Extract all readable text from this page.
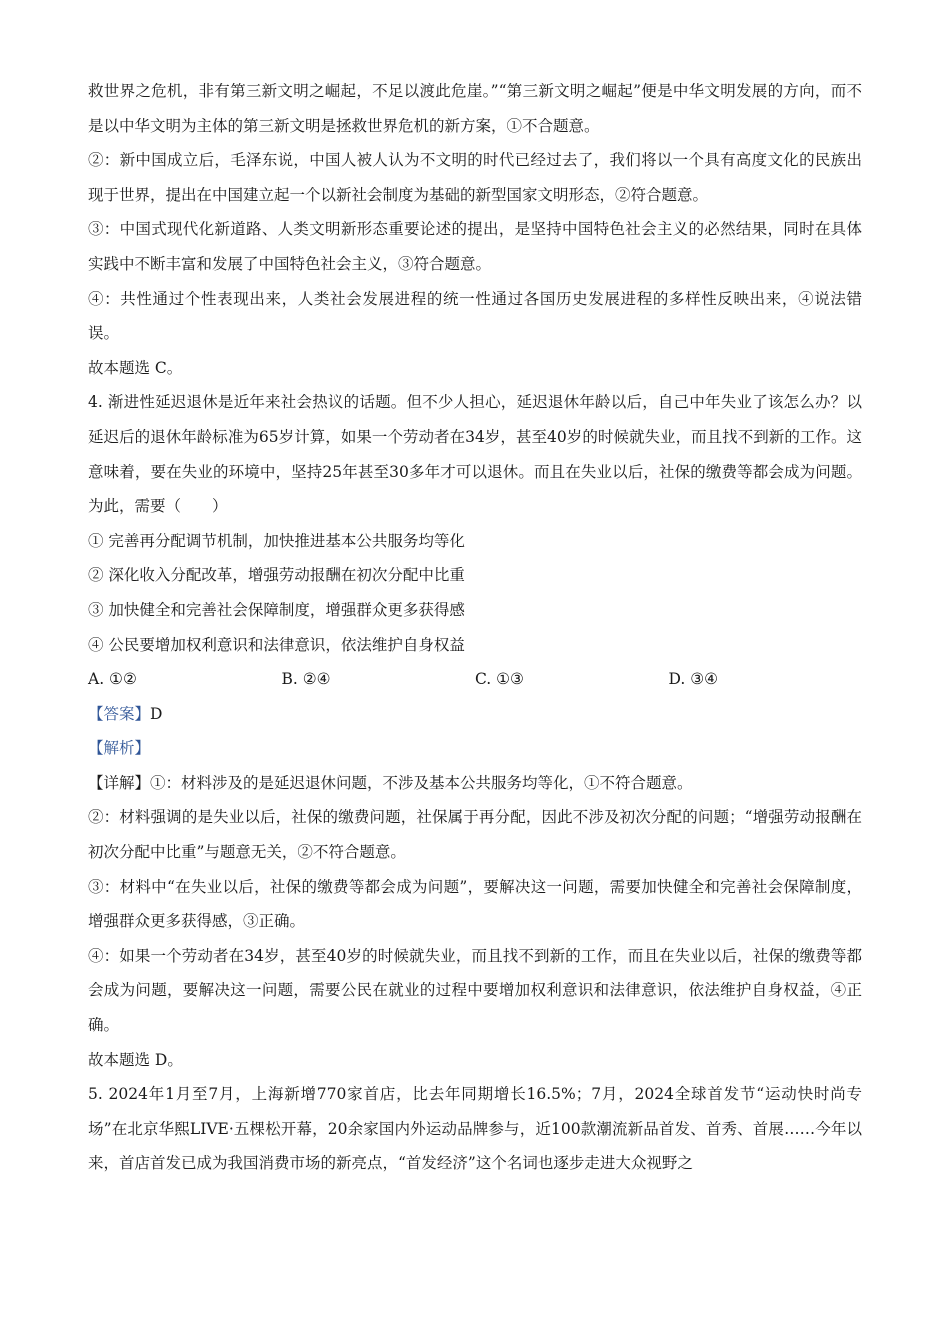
救世界之危机，非有第三新文明之崛起，不足以渡此危崖。”“第三新文明之崛起”便是中华文明发展的方向，而不是以中华文明为主体的第三新文明是拯救世界危机的新方案，①不合题意。

②：新中国成立后，毛泽东说，中国人被人认为不文明的时代已经过去了，我们将以一个具有高度文化的民族出现于世界，提出在中国建立起一个以新社会制度为基础的新型国家文明形态，②符合题意。

③：中国式现代化新道路、人类文明新形态重要论述的提出，是坚持中国特色社会主义的必然结果，同时在具体实践中不断丰富和发展了中国特色社会主义，③符合题意。

④：共性通过个性表现出来，人类社会发展进程的统一性通过各国历史发展进程的多样性反映出来，④说法错误。

故本题选 C。

4. 渐进性延迟退休是近年来社会热议的话题。但不少人担心，延迟退休年龄以后，自己中年失业了该怎么办？以延迟后的退休年龄标准为65岁计算，如果一个劳动者在34岁，甚至40岁的时候就失业，而且找不到新的工作。这意味着，要在失业的环境中，坚持25年甚至30多年才可以退休。而且在失业以后，社保的缴费等都会成为问题。为此，需要（　　）

① 完善再分配调节机制，加快推进基本公共服务均等化

② 深化收入分配改革，增强劳动报酬在初次分配中比重

③ 加快健全和完善社会保障制度，增强群众更多获得感

④ 公民要增加权利意识和法律意识，依法维护自身权益

A. ①②	B. ②④	C. ①③	D. ③④

【答案】D

【解析】

【详解】①：材料涉及的是延迟退休问题，不涉及基本公共服务均等化，①不符合题意。

②：材料强调的是失业以后，社保的缴费问题，社保属于再分配，因此不涉及初次分配的问题；“增强劳动报酬在初次分配中比重”与题意无关，②不符合题意。

③：材料中“在失业以后，社保的缴费等都会成为问题”，要解决这一问题，需要加快健全和完善社会保障制度，增强群众更多获得感，③正确。

④：如果一个劳动者在34岁，甚至40岁的时候就失业，而且找不到新的工作，而且在失业以后，社保的缴费等都会成为问题，要解决这一问题，需要公民在就业的过程中要增加权利意识和法律意识，依法维护自身权益，④正确。

故本题选 D。

5. 2024年1月至7月，上海新增770家首店，比去年同期增长16.5%；7月，2024全球首发节“运动快时尚专场”在北京华熙LIVE·五棵松开幕，20余家国内外运动品牌参与，近100款潮流新品首发、首秀、首展……今年以来，首店首发已成为我国消费市场的新亮点，“首发经济”这个名词也逐步走进大众视野之
